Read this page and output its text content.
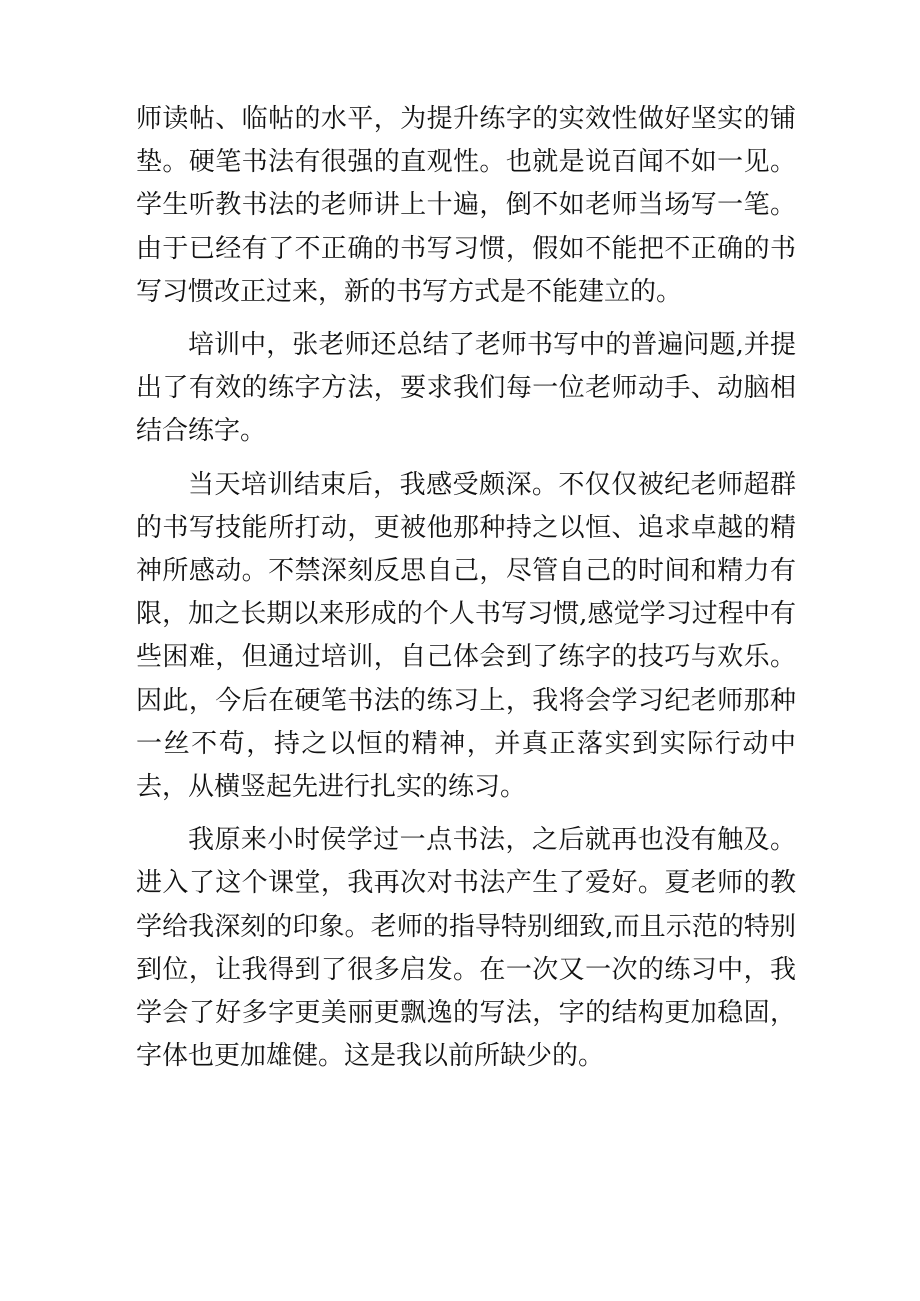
师读帖、临帖的水平，为提升练字的实效性做好坚实的铺垫。硬笔书法有很强的直观性。也就是说百闻不如一见。学生听教书法的老师讲上十遍，倒不如老师当场写一笔。由于已经有了不正确的书写习惯，假如不能把不正确的书写习惯改正过来，新的书写方式是不能建立的。

培训中，张老师还总结了老师书写中的普遍问题,并提出了有效的练字方法，要求我们每一位老师动手、动脑相结合练字。

当天培训结束后，我感受颇深。不仅仅被纪老师超群的书写技能所打动，更被他那种持之以恒、追求卓越的精神所感动。不禁深刻反思自己，尽管自己的时间和精力有限，加之长期以来形成的个人书写习惯,感觉学习过程中有些困难，但通过培训，自己体会到了练字的技巧与欢乐。因此，今后在硬笔书法的练习上，我将会学习纪老师那种一丝不苟，持之以恒的精神，并真正落实到实际行动中去，从横竖起先进行扎实的练习。

我原来小时侯学过一点书法，之后就再也没有触及。进入了这个课堂，我再次对书法产生了爱好。夏老师的教学给我深刻的印象。老师的指导特别细致,而且示范的特别到位，让我得到了很多启发。在一次又一次的练习中，我学会了好多字更美丽更飘逸的写法，字的结构更加稳固，字体也更加雄健。这是我以前所缺少的。
